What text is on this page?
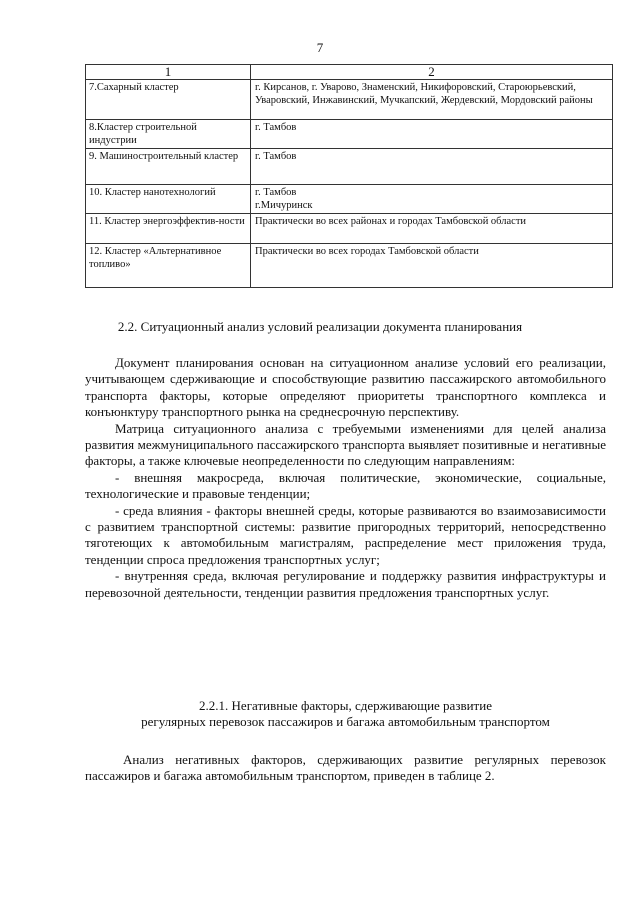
7
1	2
7.Сахарный кластер	г. Кирсанов, г. Уварово, Знаменский, Никифоровский, Староюрьевский, Уваровский, Инжавинский, Мучкапский, Жердевский, Мордовский районы
8.Кластер строительной индустрии	г. Тамбов
9. Машиностроительный кластер	г. Тамбов
10. Кластер нанотехнологий	г. Тамбов
г.Мичуринск
11. Кластер энергоэффектив-ности	Практически во всех районах и городах Тамбовской области
12. Кластер «Альтернативное топливо»	Практически во всех городах Тамбовской области
2.2. Ситуационный анализ условий реализации документа планирования

Документ планирования основан на ситуационном анализе условий его реализации, учитывающем сдерживающие и способствующие развитию пассажирского автомобильного транспорта факторы, которые определяют приоритеты транспортного комплекса и конъюнктуру транспортного рынка на среднесрочную перспективу.

Матрица ситуационного анализа с требуемыми изменениями для целей анализа развития межмуниципального пассажирского транспорта выявляет позитивные и негативные факторы, а также ключевые неопределенности по следующим направлениям:

- внешняя макросреда, включая политические, экономические, социальные, технологические и правовые тенденции;

- среда влияния - факторы внешней среды, которые развиваются во взаимозависимости с развитием транспортной системы: развитие пригородных территорий, непосредственно тяготеющих к автомобильным магистралям, распределение мест приложения труда, тенденции спроса предложения транспортных услуг;

- внутренняя среда, включая регулирование и поддержку развития инфраструктуры и перевозочной деятельности, тенденции развития предложения транспортных услуг.

2.2.1. Негативные факторы, сдерживающие развитие

регулярных перевозок пассажиров и багажа автомобильным транспортом

Анализ негативных факторов, сдерживающих развитие регулярных перевозок пассажиров и багажа автомобильным транспортом, приведен в таблице 2.
